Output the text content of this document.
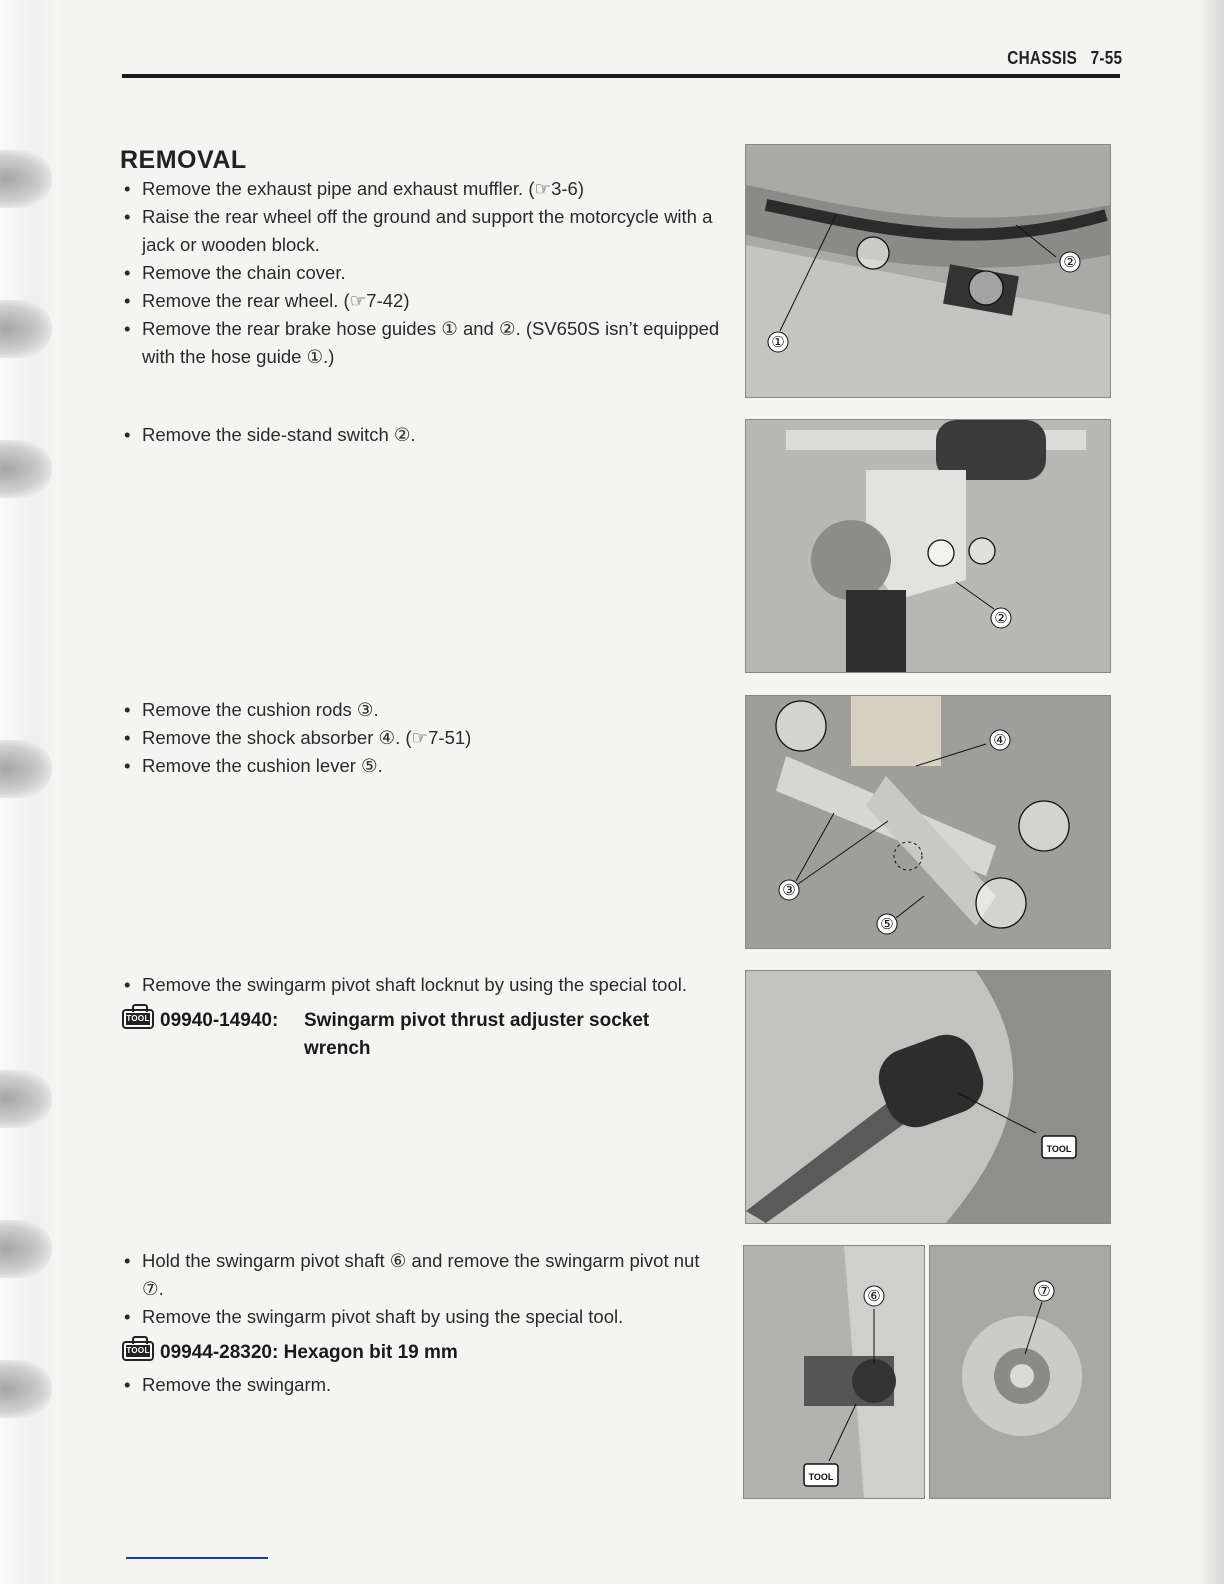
CHASSIS   7-55
REMOVAL

• Remove the exhaust pipe and exhaust muffler. (☞3-6)

• Raise the rear wheel off the ground and support the motorcycle with a jack or wooden block.

• Remove the chain cover.

• Remove the rear wheel. (☞7-42)

• Remove the rear brake hose guides ① and ②. (SV650S isn’t equipped with the hose guide ①.)

• Remove the side-stand switch ②.

• Remove the cushion rods ③.

• Remove the shock absorber ④. (☞7-51)

• Remove the cushion lever ⑤.

• Remove the swingarm pivot shaft locknut by using the special tool.

TOOL 09940-14940: Swingarm pivot thrust adjuster socket
wrench

• Hold the swingarm pivot shaft ⑥ and remove the swingarm pivot nut ⑦.

• Remove the swingarm pivot shaft by using the special tool.

TOOL 09944-28320: Hexagon bit 19 mm

• Remove the swingarm.

①
②
②
③
④
⑤
TOOL
⑥
TOOL
⑦
